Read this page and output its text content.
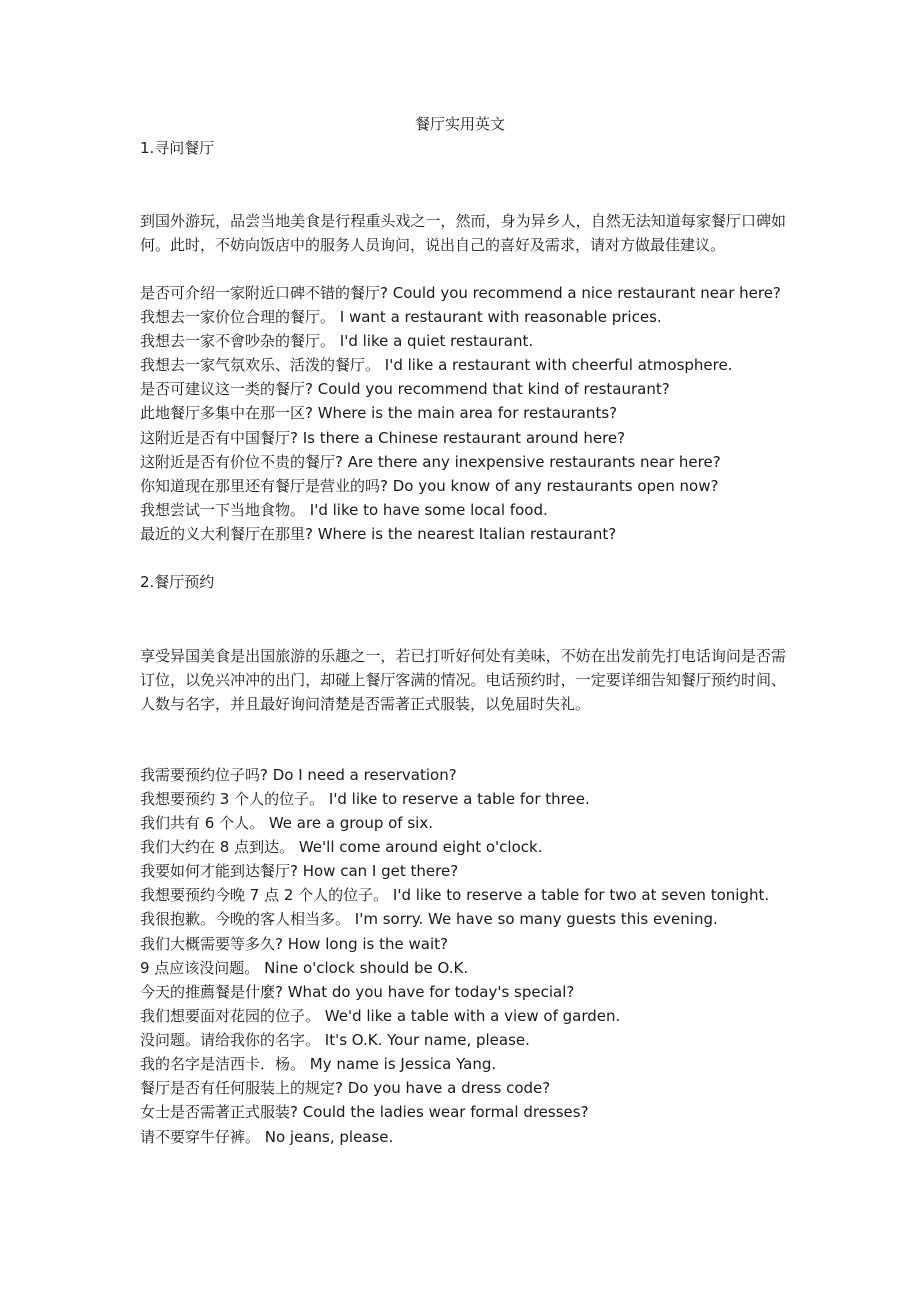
餐厅实用英文
1.寻问餐厅
到国外游玩，品尝当地美食是行程重头戏之一，然而，身为异乡人，自然无法知道每家餐厅口碑如何。此时，不妨向饭店中的服务人员询问，说出自己的喜好及需求，请对方做最佳建议。
是否可介绍一家附近口碑不错的餐厅? Could you recommend a nice restaurant near here?
我想去一家价位合理的餐厅。 I want a restaurant with reasonable prices.
我想去一家不會吵杂的餐厅。 I'd like a quiet restaurant.
我想去一家气氛欢乐、活泼的餐厅。 I'd like a restaurant with cheerful atmosphere.
是否可建议这一类的餐厅? Could you recommend that kind of restaurant?
此地餐厅多集中在那一区? Where is the main area for restaurants?
这附近是否有中国餐厅? Is there a Chinese restaurant around here?
这附近是否有价位不贵的餐厅? Are there any inexpensive restaurants near here?
你知道现在那里还有餐厅是营业的吗? Do you know of any restaurants open now?
我想尝试一下当地食物。 I'd like to have some local food.
最近的义大利餐厅在那里? Where is the nearest Italian restaurant?
2.餐厅预约
享受异国美食是出国旅游的乐趣之一，若已打听好何处有美味，不妨在出发前先打电话询问是否需订位，以免兴冲冲的出门，却碰上餐厅客满的情况。电话预约时，一定要详细告知餐厅预约时间、人数与名字，并且最好询问清楚是否需著正式服装，以免届时失礼。
我需要预约位子吗? Do I need a reservation?
我想要预约 3 个人的位子。 I'd like to reserve a table for three.
我们共有 6 个人。 We are a group of six.
我们大约在 8 点到达。 We'll come around eight o'clock.
我要如何才能到达餐厅? How can I get there?
我想要预约今晚 7 点 2 个人的位子。 I'd like to reserve a table for two at seven tonight.
我很抱歉。今晚的客人相当多。 I'm sorry. We have so many guests this evening.
我们大概需要等多久? How long is the wait?
9 点应该没问题。 Nine o'clock should be O.K.
今天的推薦餐是什麼? What do you have for today's special?
我们想要面对花园的位子。 We'd like a table with a view of garden.
没问题。请给我你的名字。 It's O.K. Your name, please.
我的名字是洁西卡．杨。 My name is Jessica Yang.
餐厅是否有任何服装上的规定? Do you have a dress code?
女士是否需著正式服装? Could the ladies wear formal dresses?
请不要穿牛仔裤。 No jeans, please.
